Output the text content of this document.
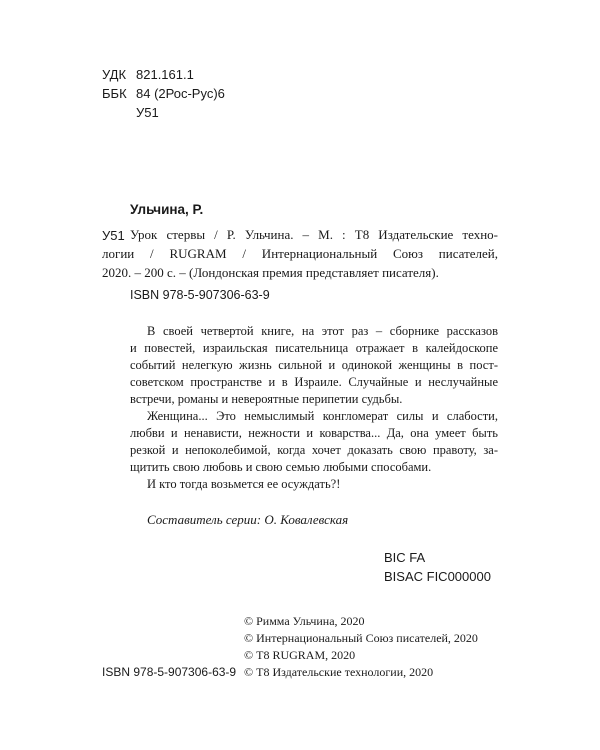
УДК 821.161.1
ББК 84 (2Рос-Рус)6
У51
Ульчина, Р.
У51 Урок стервы / Р. Ульчина. – М. : Т8 Издательские техно-
логии / RUGRAM / Интернациональный Союз писателей,
2020. – 200 с. – (Лондонская премия представляет писателя).
ISBN 978-5-907306-63-9
В своей четвертой книге, на этот раз – сборнике рассказов
и повестей, израильская писательница отражает в калейдоскопе
событий нелегкую жизнь сильной и одинокой женщины в пост-
советском пространстве и в Израиле. Случайные и неслучайные
встречи, романы и невероятные перипетии судьбы.
Женщина... Это немыслимый конгломерат силы и слабости,
любви и ненависти, нежности и коварства... Да, она умеет быть
резкой и непоколебимой, когда хочет доказать свою правоту, за-
щитить свою любовь и свою семью любыми способами.
И кто тогда возьмется ее осуждать?!
Составитель серии: О. Ковалевская
BIC FA
BISAC FIC000000
© Римма Ульчина, 2020
© Интернациональный Союз писателей, 2020
© Т8 RUGRAM, 2020
© Т8 Издательские технологии, 2020
ISBN 978-5-907306-63-9
